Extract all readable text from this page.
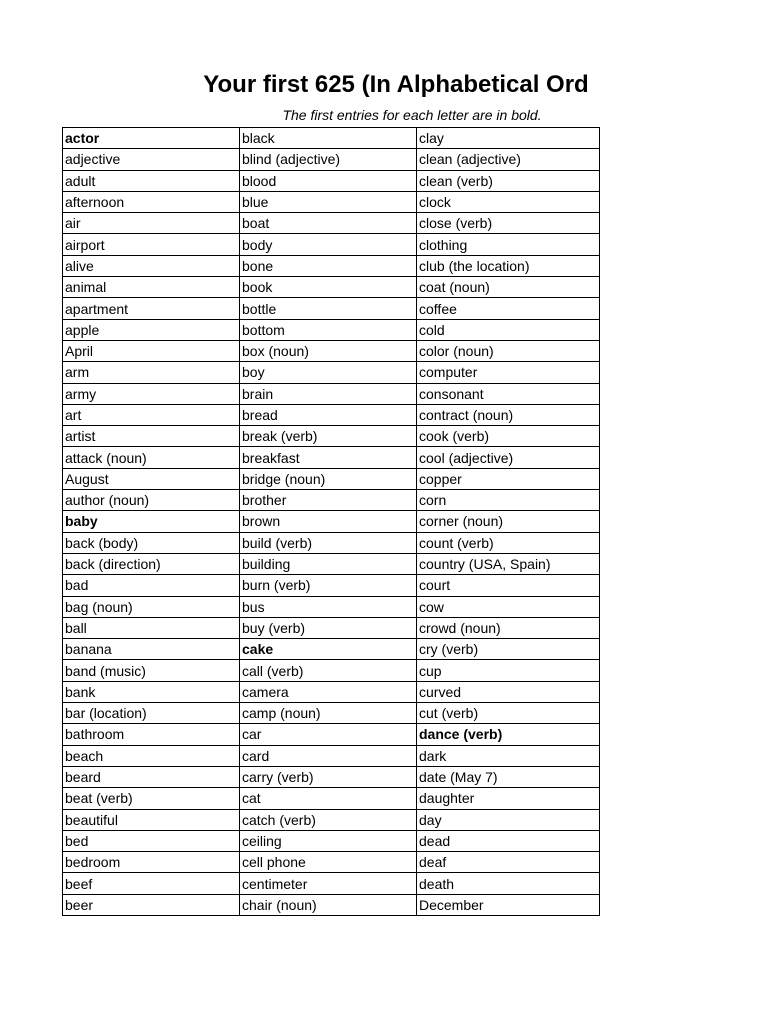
Your first 625 (In Alphabetical Ord
The first entries for each letter are in bold.
actor	black	clay
adjective	blind (adjective)	clean (adjective)
adult	blood	clean (verb)
afternoon	blue	clock
air	boat	close (verb)
airport	body	clothing
alive	bone	club (the location)
animal	book	coat (noun)
apartment	bottle	coffee
apple	bottom	cold
April	box (noun)	color (noun)
arm	boy	computer
army	brain	consonant
art	bread	contract (noun)
artist	break (verb)	cook (verb)
attack (noun)	breakfast	cool (adjective)
August	bridge (noun)	copper
author (noun)	brother	corn
baby	brown	corner (noun)
back (body)	build (verb)	count (verb)
back (direction)	building	country (USA, Spain)
bad	burn (verb)	court
bag (noun)	bus	cow
ball	buy (verb)	crowd (noun)
banana	cake	cry (verb)
band (music)	call (verb)	cup
bank	camera	curved
bar (location)	camp (noun)	cut (verb)
bathroom	car	dance (verb)
beach	card	dark
beard	carry (verb)	date (May 7)
beat (verb)	cat	daughter
beautiful	catch (verb)	day
bed	ceiling	dead
bedroom	cell phone	deaf
beef	centimeter	death
beer	chair (noun)	December
